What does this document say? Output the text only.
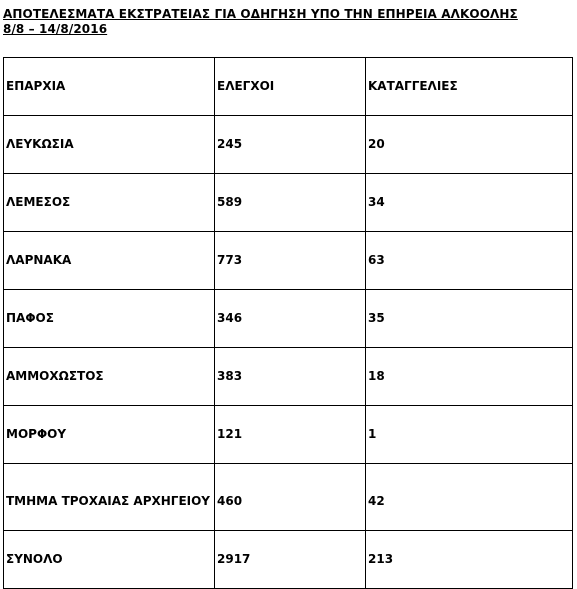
ΑΠΟΤΕΛΕΣΜΑΤΑ ΕΚΣΤΡΑΤΕΙΑΣ ΓΙΑ ΟΔΗΓΗΣΗ ΥΠΟ ΤΗΝ ΕΠΗΡΕΙΑ ΑΛΚΟΟΛΗΣ
8/8 – 14/8/2016
ΕΠΑΡΧΙΑ	ΕΛΕΓΧΟΙ	ΚΑΤΑΓΓΕΛΙΕΣ
ΛΕΥΚΩΣΙΑ	245	20
ΛΕΜΕΣΟΣ	589	34
ΛΑΡΝΑΚΑ	773	63
ΠΑΦΟΣ	346	35
ΑΜΜΟΧΩΣΤΟΣ	383	18
ΜΟΡΦΟΥ	121	1
ΤΜΗΜΑ ΤΡΟΧΑΙΑΣ ΑΡΧΗΓΕΙΟΥ	460	42
ΣΥΝΟΛΟ	2917	213
